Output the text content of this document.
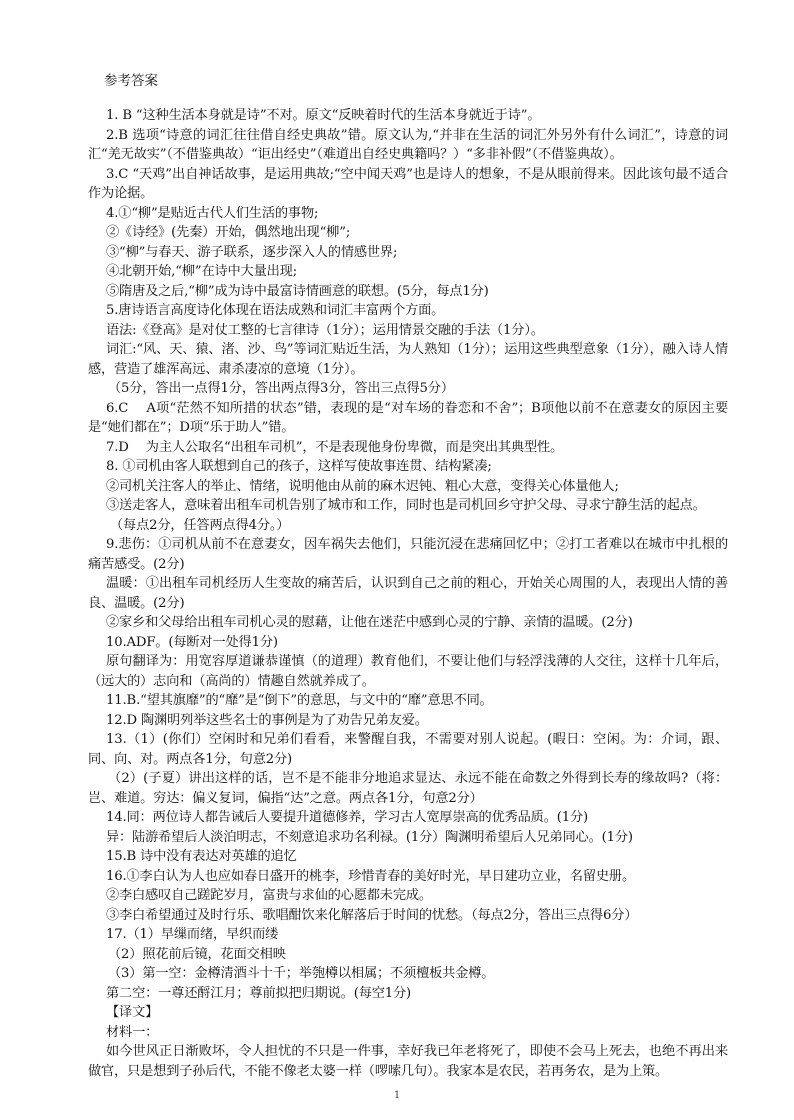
参考答案

1. B “这种生活本身就是诗”不对。原文“反映着时代的生活本身就近于诗”。

2.B 选项“诗意的词汇往往借自经史典故”错。原文认为,“并非在生活的词汇外另外有什么词汇”，诗意的词汇“羌无故实”（不借鉴典故）“讵出经史”（难道出自经史典籍吗？）“多非补假”（不借鉴典故）。

3.C “天鸡”出自神话故事，是运用典故;“空中闻天鸡”也是诗人的想象，不是从眼前得来。因此该句最不适合作为论据。

4.①“柳”是贴近古代人们生活的事物;

②《诗经》(先秦）开始，偶然地出现“柳”;

③“柳”与春天、游子联系，逐步深入人的情感世界;

④北朝开始,“柳”在诗中大量出现;

⑤隋唐及之后,“柳”成为诗中最富诗情画意的联想。(5分，每点1分)

5.唐诗语言高度诗化体现在语法成熟和词汇丰富两个方面。

语法:《登高》是对仗工整的七言律诗（1分）；运用情景交融的手法（1分）。

词汇:“风、天、猿、渚、沙、鸟”等词汇贴近生活，为人熟知（1分）；运用这些典型意象（1分），融入诗人情感，营造了雄浑高远、肃杀凄凉的意境（1分）。

（5分，答出一点得1分，答出两点得3分，答出三点得5分）

6.C　 A项“茫然不知所措的状态”错，表现的是“对车场的眷恋和不舍”；B项他以前不在意妻女的原因主要是“她们都在”；D项“乐于助人”错。

7.D　 为主人公取名“出租车司机”，不是表现他身份卑微，而是突出其典型性。

8. ①司机由客人联想到自己的孩子，这样写使故事连贯、结构紧凑;

②司机关注客人的举止、情绪，说明他由从前的麻木迟钝、粗心大意，变得关心体量他人;

③送走客人，意味着出租车司机告别了城市和工作，同时也是司机回乡守护父母、寻求宁静生活的起点。

（每点2分，任答两点得4分。）

9.悲伤：①司机从前不在意妻女，因车祸失去他们，只能沉浸在悲痛回忆中；②打工者难以在城市中扎根的痛苦感受。(2分)

温暖：①出租车司机经历人生变故的痛苦后，认识到自己之前的粗心，开始关心周围的人，表现出人情的善良、温暖。(2分)

②家乡和父母给出租车司机心灵的慰藉，让他在迷茫中感到心灵的宁静、亲情的温暖。(2分)

10.ADF。(每断对一处得1分)

原句翻译为：用宽容厚道谦恭谨慎（的道理）教育他们，不要让他们与轻浮浅薄的人交往，这样十几年后，（远大的）志向和（高尚的）情趣自然就养成了。

11.B.“望其旗靡”的“靡”是“倒下”的意思，与文中的“靡”意思不同。

12.D 陶渊明列举这些名士的事例是为了劝告兄弟友爱。

13.（1）(你们）空闲时和兄弟们看看，来警醒自我，不需要对别人说起。(暇日：空闲。为：介词，跟、同、向、对。两点各1分，句意2分)

（2）(子夏）讲出这样的话，岂不是不能非分地追求显达、永远不能在命数之外得到长寿的缘故吗?（将：岂、难道。穷达：偏义复词，偏指“达”之意。两点各1分，句意2分）

14.同：两位诗人都告诫后人要提升道德修养，学习古人宽厚崇高的优秀品质。(1分)

异：陆游希望后人淡泊明志，不刻意追求功名利禄。(1分）陶渊明希望后人兄弟同心。(1分)

15.B 诗中没有表达对英雄的追忆

16.①李白认为人也应如春日盛开的桃李，珍惜青春的美好时光，早日建功立业，名留史册。

②李白感叹自己蹉跎岁月，富贵与求仙的心愿都未完成。

③李白希望通过及时行乐、歌唱酣饮来化解落后于时间的忧愁。（每点2分，答出三点得6分）

17.（1）早缫而绪，早织而缕

（2）照花前后镜，花面交相映

（3）第一空：金樽清酒斗十千；举匏樽以相属；不须檀板共金樽。

第二空：一尊还酹江月；尊前拟把归期说。(每空1分)

【译文】

材料一：

如今世风正日渐败坏，令人担忧的不只是一件事，幸好我已年老将死了，即使不会马上死去，也绝不再出来做官，只是想到子孙后代，不能不像老太婆一样（啰嗦几句）。我家本是农民，若再务农，是为上策。

1
